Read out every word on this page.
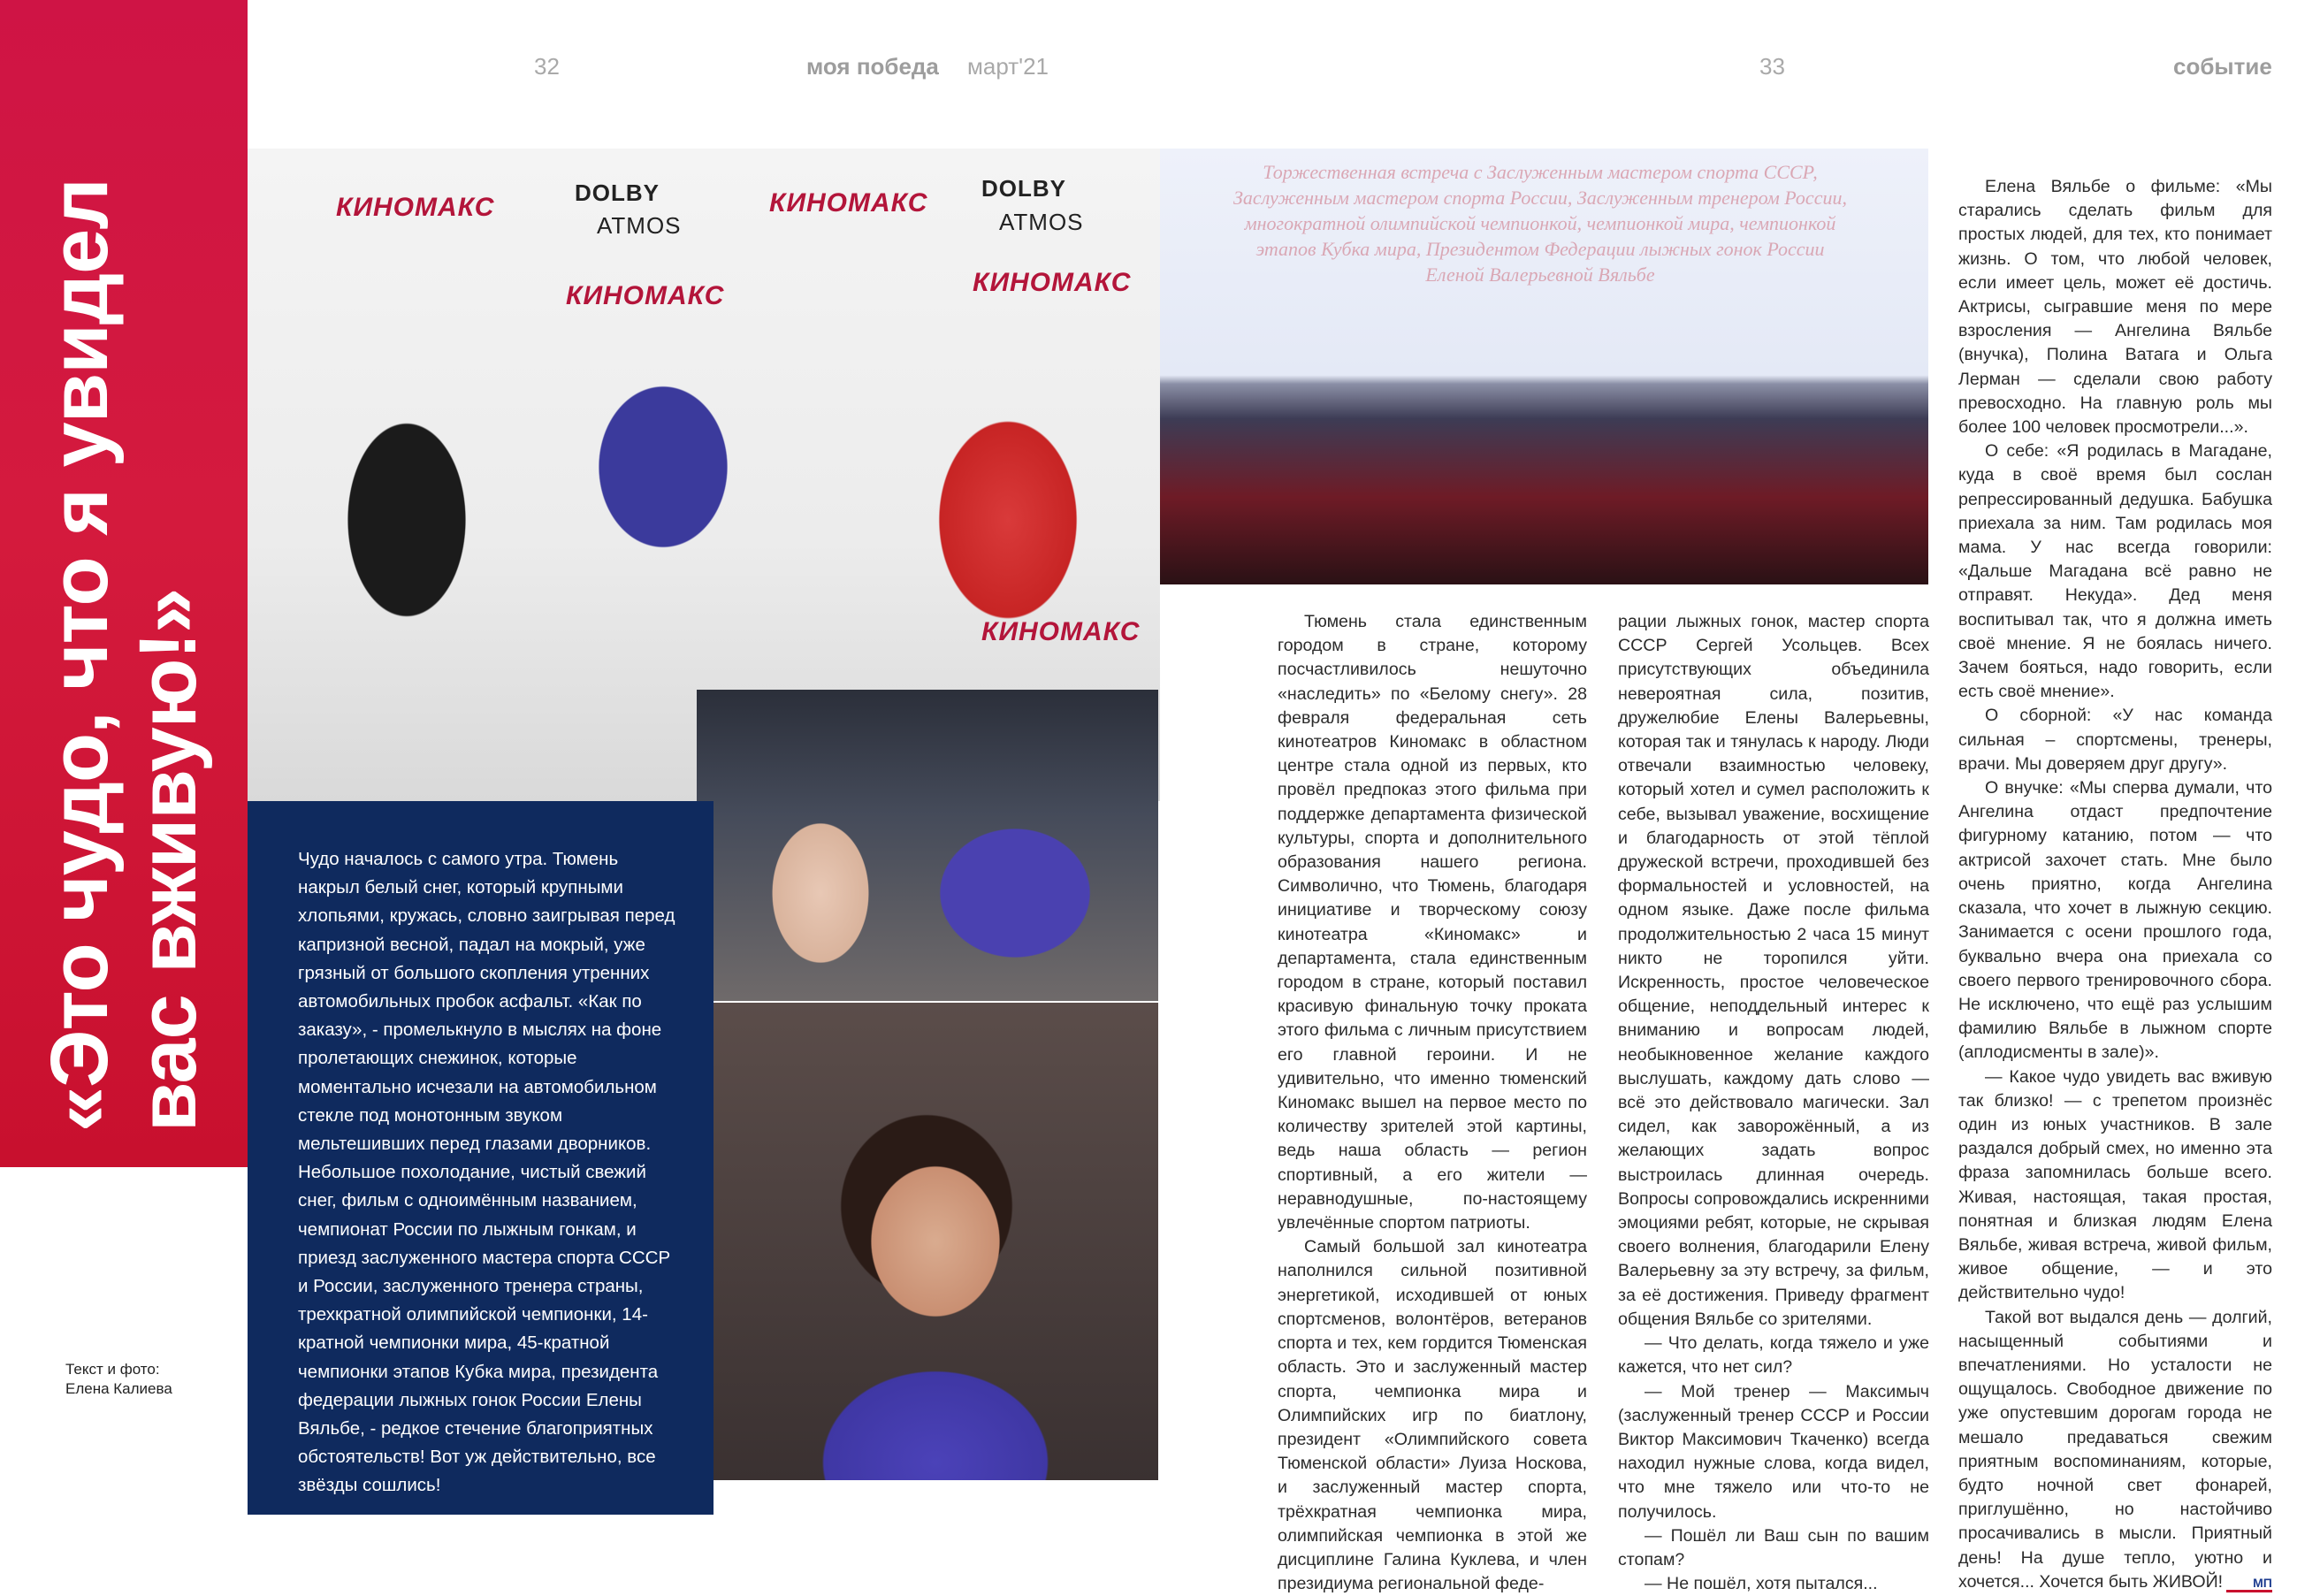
«Это чудо, что я увидел
вас вживую!»
32	моя победа март'21	33	событие
КИНОМАКС	DOLBY
ATMOS
КИНОМАКС DOLBY
ATMOS
КИНОМАКС
КИНОМАКС
КИНОМАКС
Торжественная встреча с Заслуженным мастером спорта СССР, Заслуженным мастером спорта России, Заслуженным тренером России, многократной олимпийской чемпионкой, чемпионкой мира, чемпионкой этапов Кубка мира, Президентом Федерации лыжных гонок России Еленой Валерьевной Вяльбе
Чудо началось с самого утра. Тюмень накрыл белый снег, который крупными хлопьями, кружась, словно заигрывая перед капризной весной, падал на мокрый, уже грязный от большого скопления утренних автомобильных пробок асфальт. «Как по заказу», - промелькнуло в мыслях на фоне пролетающих снежинок, которые моментально исчезали на автомобильном стекле под монотонным звуком мельтешивших перед глазами дворников. Небольшое похолодание, чистый свежий снег, фильм с одноимённым названием, чемпионат России по лыжным гонкам, и приезд заслуженного мастера спорта СССР и России, заслуженного тренера страны, трехкратной олимпийской чемпионки, 14-кратной чемпионки мира, 45-кратной чемпионки этапов Кубка мира, президента федерации лыжных гонок России Елены Вяльбе, - редкое стечение благоприятных обстоятельств! Вот уж действительно, все звёзды сошлись!
Текст и фото:
Елена Калиева

Тюмень стала единственным городом в стране, которому посчастливилось нешуточно «наследить» по «Белому снегу». 28 февраля федеральная сеть кинотеатров Киномакс в областном центре стала одной из первых, кто провёл предпоказ этого фильма при поддержке департамента физической культуры, спорта и дополнительного образования нашего региона. Символично, что Тюмень, благодаря инициативе и творческому союзу кинотеатра «Киномакс» и департамента, стала единственным городом в стране, который поставил красивую финальную точку проката этого фильма с личным присутствием его главной героини. И не удивительно, что именно тюменский Киномакс вышел на первое место по количеству зрителей этой картины, ведь наша область — регион спортивный, а его жители — неравнодушные, по-настоящему увлечённые спортом патриоты.

Самый большой зал кинотеатра наполнился сильной позитивной энергетикой, исходившей от юных спортсменов, волонтёров, ветеранов спорта и тех, кем гордится Тюменская область. Это и заслуженный мастер спорта, чемпионка мира и Олимпийских игр по биатлону, президент «Олимпийского совета Тюменской области» Луиза Носкова, и заслуженный мастер спорта, трёхкратная чемпионка мира, олимпийская чемпионка в этой же дисциплине Галина Куклева, и член президиума региональной феде-

рации лыжных гонок, мастер спорта СССР Сергей Усольцев. Всех присутствующих объединила невероятная сила, позитив, дружелюбие Елены Валерьевны, которая так и тянулась к народу. Люди отвечали взаимностью человеку, который хотел и сумел расположить к себе, вызывал уважение, восхищение и благодарность от этой тёплой дружеской встречи, проходившей без формальностей и условностей, на одном языке. Даже после фильма продолжительностью 2 часа 15 минут никто не торопился уйти. Искренность, простое человеческое общение, неподдельный интерес к вниманию и вопросам людей, необыкновенное желание каждого выслушать, каждому дать слово — всё это действовало магически. Зал сидел, как заворожённый, а из желающих задать вопрос выстроилась длинная очередь. Вопросы сопровождались искренними эмоциями ребят, которые, не скрывая своего волнения, благодарили Елену Валерьевну за эту встречу, за фильм, за её достижения. Приведу фрагмент общения Вяльбе со зрителями.

— Что делать, когда тяжело и уже кажется, что нет сил?

— Мой тренер — Максимыч (заслуженный тренер СССР и России Виктор Максимович Ткаченко) всегда находил нужные слова, когда видел, что мне тяжело или что-то не получилось.

— Пошёл ли Ваш сын по вашим стопам?

— Не пошёл, хотя пытался...

Елена Вяльбе о фильме: «Мы старались сделать фильм для простых людей, для тех, кто понимает жизнь. О том, что любой человек, если имеет цель, может её достичь. Актрисы, сыгравшие меня по мере взросления — Ангелина Вяльбе (внучка), Полина Ватага и Ольга Лерман — сделали свою работу превосходно. На главную роль мы более 100 человек просмотрели...».

О себе: «Я родилась в Магадане, куда в своё время был сослан репрессированный дедушка. Бабушка приехала за ним. Там родилась моя мама. У нас всегда говорили: «Дальше Магадана всё равно не отправят. Некуда». Дед меня воспитывал так, что я должна иметь своё мнение. Я не боялась ничего. Зачем бояться, надо говорить, если есть своё мнение».

О сборной: «У нас команда сильная – спортсмены, тренеры, врачи. Мы доверяем друг другу».

О внучке: «Мы сперва думали, что Ангелина отдаст предпочтение фигурному катанию, потом — что актрисой захочет стать. Мне было очень приятно, когда Ангелина сказала, что хочет в лыжную секцию. Занимается с осени прошлого года, буквально вчера она приехала со своего первого тренировочного сбора. Не исключено, что ещё раз услышим фамилию Вяльбе в лыжном спорте (аплодисменты в зале)».

— Какое чудо увидеть вас вживую так близко! — с трепетом произнёс один из юных участников. В зале раздался добрый смех, но именно эта фраза запомнилась больше всего. Живая, настоящая, такая простая, понятная и близкая людям Елена Вяльбе, живая встреча, живой фильм, живое общение, — и это действительно чудо!

Такой вот выдался день — долгий, насыщенный событиями и впечатлениями. Но усталости не ощущалось. Свободное движение по уже опустевшим дорогам города не мешало предаваться свежим приятным воспоминаниям, которые, будто ночной свет фонарей, приглушённо, но настойчиво просачивались в мысли. Приятный день! На душе тепло, уютно и хочется... Хочется быть ЖИВОЙ! МП
